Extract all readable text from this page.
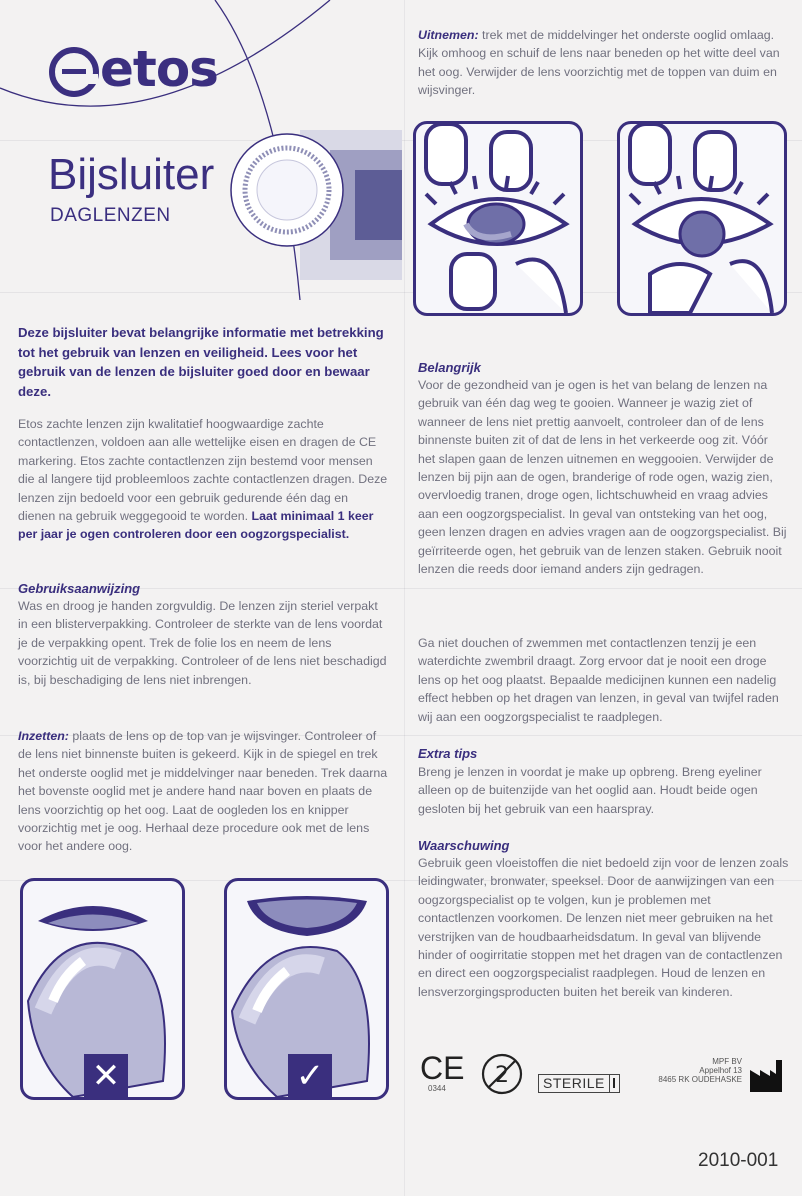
etos
Bijsluiter
DAGLENZEN
Deze bijsluiter bevat belangrijke informatie met betrekking tot het gebruik van lenzen en veiligheid. Lees voor het gebruik van de lenzen de bijsluiter goed door en bewaar deze.
Etos zachte lenzen zijn kwalitatief hoogwaardige zachte contactlenzen, voldoen aan alle wettelijke eisen en dragen de CE markering. Etos zachte contactlenzen zijn bestemd voor mensen die al langere tijd probleemloos zachte contactlenzen dragen. Deze lenzen zijn bedoeld voor een gebruik gedurende één dag en dienen na gebruik weggegooid te worden. Laat minimaal 1 keer per jaar je ogen controleren door een oogzorgspecialist.
Gebruiksaanwijzing
Was en droog je handen zorgvuldig. De lenzen zijn steriel verpakt in een blisterverpakking. Controleer de sterkte van de lens voordat je de verpakking opent. Trek de folie los en neem de lens voorzichtig uit de verpakking. Controleer of de lens niet beschadigd is, bij beschadiging de lens niet inbrengen.
Inzetten: plaats de lens op de top van je wijsvinger. Controleer of de lens niet binnenste buiten is gekeerd. Kijk in de spiegel en trek het onderste ooglid met je middelvinger naar beneden. Trek daarna het bovenste ooglid met je andere hand naar boven en plaats de lens voorzichtig op het oog. Laat de oogleden los en knipper voorzichtig met je oog. Herhaal deze procedure ook met de lens voor het andere oog.
✕	✓
Uitnemen: trek met de middelvinger het onderste ooglid omlaag. Kijk omhoog en schuif de lens naar beneden op het witte deel van het oog. Verwijder de lens voorzichtig met de toppen van duim en wijsvinger.
Belangrijk
Voor de gezondheid van je ogen is het van belang de lenzen na gebruik van één dag weg te gooien. Wanneer je wazig ziet of wanneer de lens niet prettig aanvoelt, controleer dan of de lens binnenste buiten zit of dat de lens in het verkeerde oog zit. Vóór het slapen gaan de lenzen uitnemen en weggooien. Verwijder de lenzen bij pijn aan de ogen, branderige of rode ogen, wazig zien, overvloedig tranen, droge ogen, lichtschuwheid en vraag advies aan een oogzorgspecialist. In geval van ontsteking van het oog, geen lenzen dragen en advies vragen aan de oogzorgspecialist. Bij geïrriteerde ogen, het gebruik van de lenzen staken. Gebruik nooit lenzen die reeds door iemand anders zijn gedragen.
Ga niet douchen of zwemmen met contactlenzen tenzij je een waterdichte zwembril draagt. Zorg ervoor dat je nooit een droge lens op het oog plaatst. Bepaalde medicijnen kunnen een nadelig effect hebben op het dragen van lenzen, in geval van twijfel raden wij aan een oogzorgspecialist te raadplegen.
Extra tips
Breng je lenzen in voordat je make up opbreng. Breng eyeliner alleen op de buitenzijde van het ooglid aan. Houdt beide ogen gesloten bij het gebruik van een haarspray.
Waarschuwing
Gebruik geen vloeistoffen die niet bedoeld zijn voor de lenzen zoals leidingwater, bronwater, speeksel. Door de aanwijzingen van een oogzorgspecialist op te volgen, kun je problemen met contactlenzen voorkomen. De lenzen niet meer gebruiken na het verstrijken van de houdbaarheidsdatum. In geval van blijvende hinder of oogirritatie stoppen met het dragen van de contactlenzen en direct een oogzorgspecialist raadplegen. Houd de lenzen en lensverzorgingsproducten buiten het bereik van kinderen.
CE
0344
2	STERILE
MPF BV
Appelhof 13
8465 RK OUDEHASKE
2010-001
